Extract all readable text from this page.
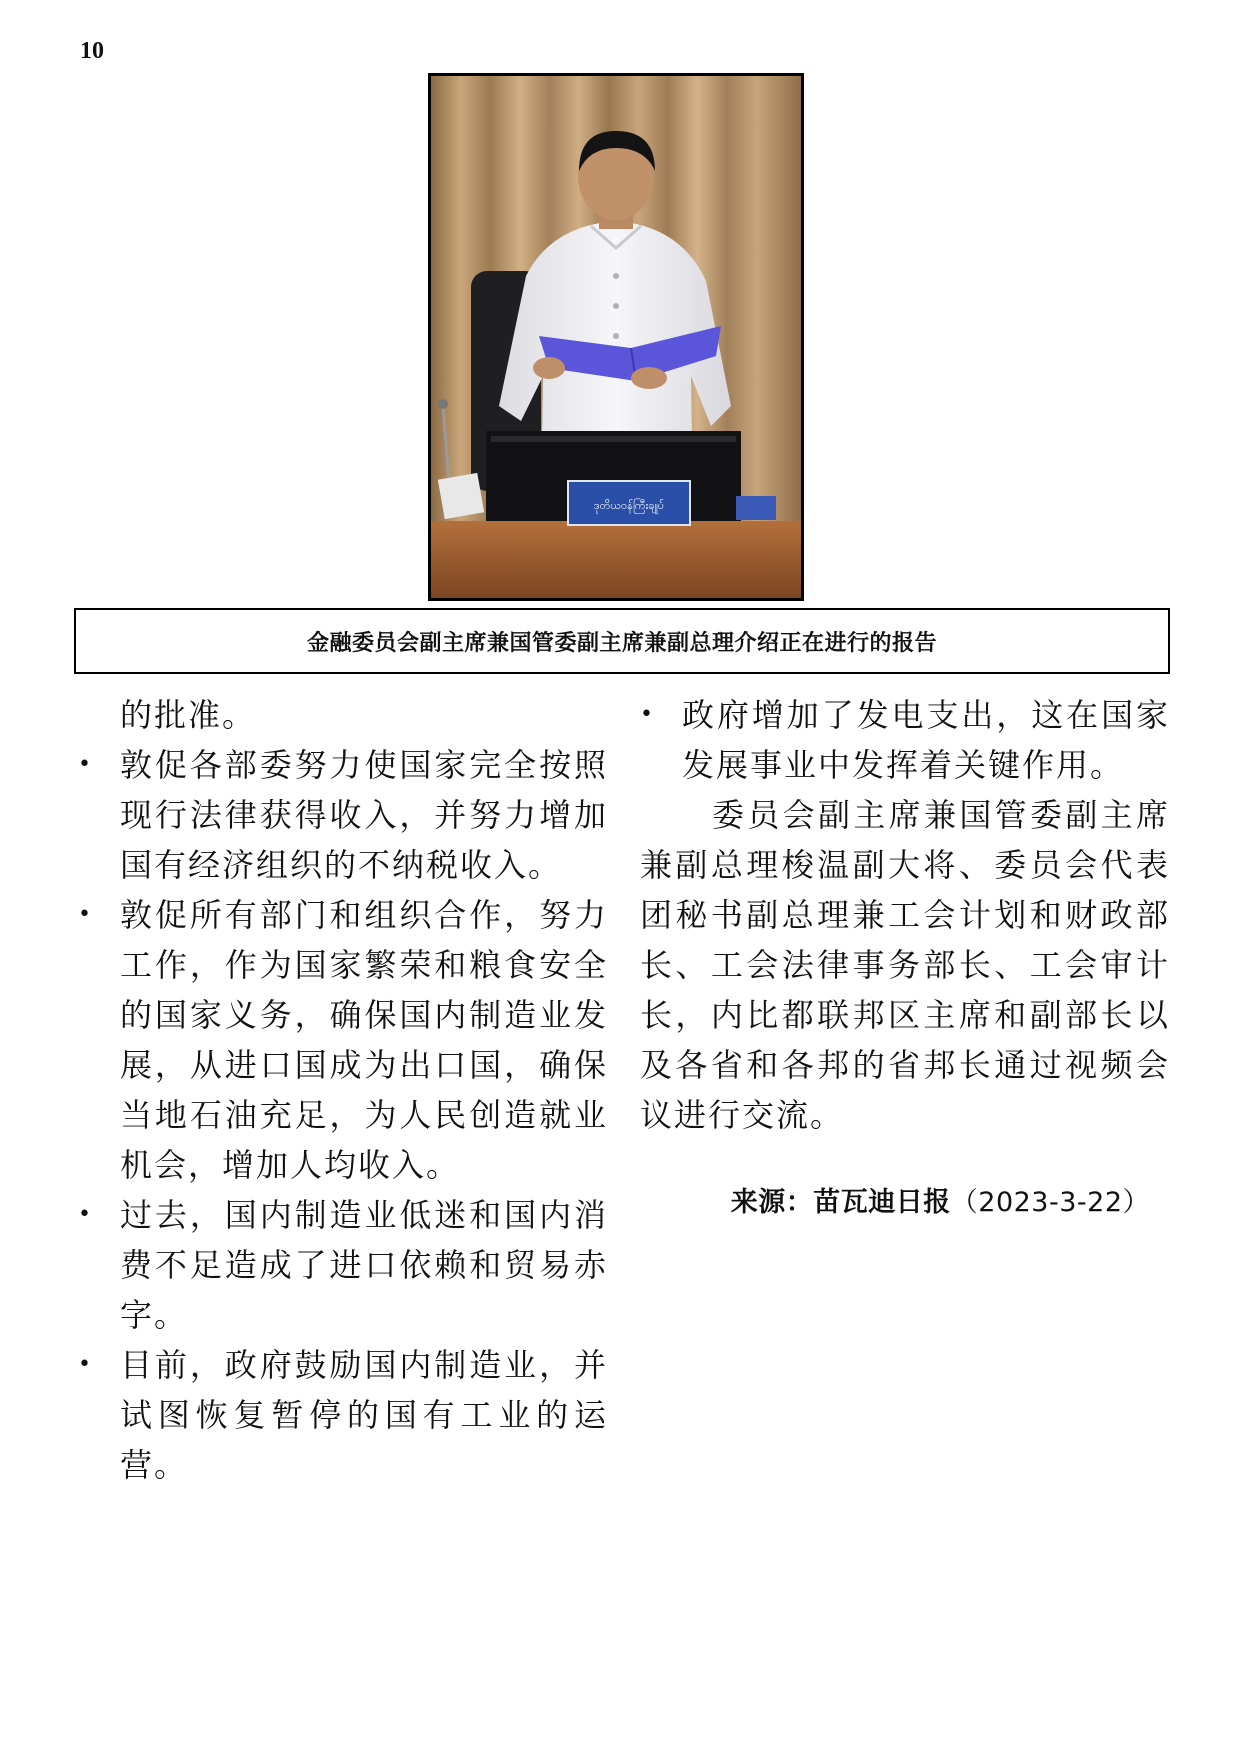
10
ဒုတိယဝန်ကြီးချုပ်
金融委员会副主席兼国管委副主席兼副总理介绍正在进行的报告

的批准。

• 敦促各部委努力使国家完全按照现行法律获得收入，并努力增加国有经济组织的不纳税收入。
• 敦促所有部门和组织合作，努力工作，作为国家繁荣和粮食安全的国家义务，确保国内制造业发展，从进口国成为出口国，确保当地石油充足，为人民创造就业机会，增加人均收入。
• 过去，国内制造业低迷和国内消费不足造成了进口依赖和贸易赤字。
• 目前，政府鼓励国内制造业，并试图恢复暂停的国有工业的运营。
• 政府增加了发电支出，这在国家发展事业中发挥着关键作用。

委员会副主席兼国管委副主席兼副总理梭温副大将、委员会代表团秘书副总理兼工会计划和财政部长、工会法律事务部长、工会审计长，内比都联邦区主席和副部长以及各省和各邦的省邦长通过视频会议进行交流。

来源：苗瓦迪日报（2023-3-22）
